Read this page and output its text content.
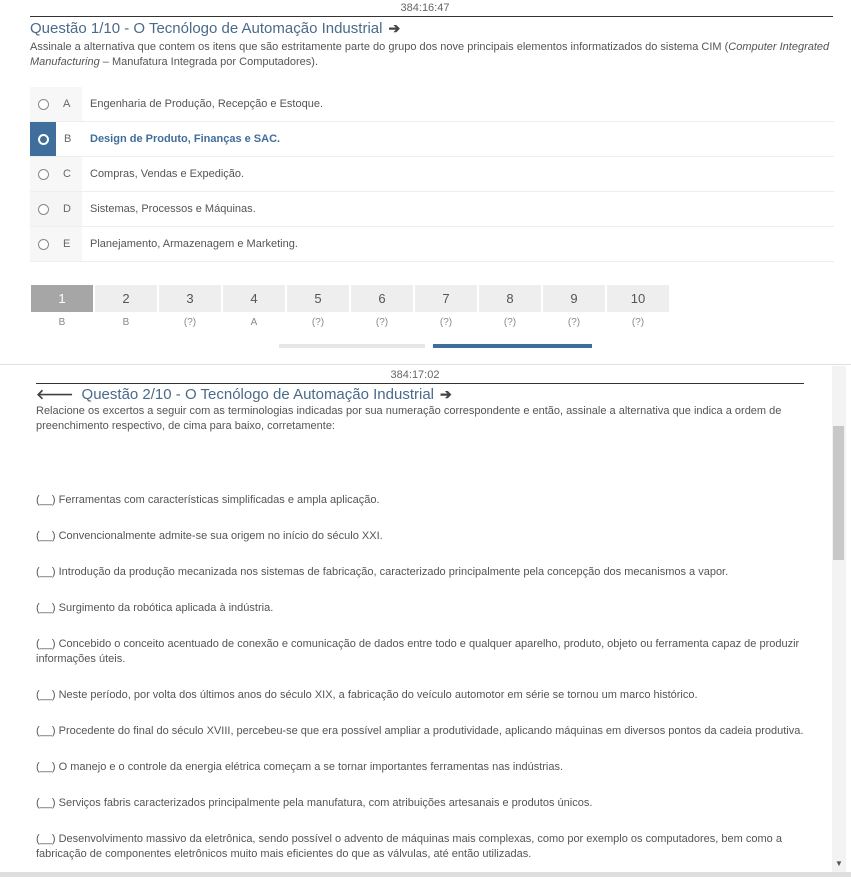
384:16:47
Questão 1/10 - O Tecnólogo de Automação Industrial ➔
Assinale a alternativa que contem os itens que são estritamente parte do grupo dos nove principais elementos informatizados do sistema CIM (Computer Integrated Manufacturing – Manufatura Integrada por Computadores).
A Engenharia de Produção, Recepção e Estoque.
B Design de Produto, Finanças e SAC.
C Compras, Vendas e Expedição.
D Sistemas, Processos e Máquinas.
E Planejamento, Armazenagem e Marketing.
1
B
2
B
3
(?)
4
A
5
(?)
6
(?)
7
(?)
8
(?)
9
(?)
10
(?)
384:17:02
🡐 Questão 2/10 - O Tecnólogo de Automação Industrial ➔
Relacione os excertos a seguir com as terminologias indicadas por sua numeração correspondente e então, assinale a alternativa que indica a ordem de preenchimento respectivo, de cima para baixo, corretamente:
(__) Ferramentas com características simplificadas e ampla aplicação.
(__) Convencionalmente admite-se sua origem no início do século XXI.
(__) Introdução da produção mecanizada nos sistemas de fabricação, caracterizado principalmente pela concepção dos mecanismos a vapor.
(__) Surgimento da robótica aplicada à indústria.
(__) Concebido o conceito acentuado de conexão e comunicação de dados entre todo e qualquer aparelho, produto, objeto ou ferramenta capaz de produzir informações úteis.
(__) Neste período, por volta dos últimos anos do século XIX, a fabricação do veículo automotor em série se tornou um marco histórico.
(__) Procedente do final do século XVIII, percebeu-se que era possível ampliar a produtividade, aplicando máquinas em diversos pontos da cadeia produtiva.
(__) O manejo e o controle da energia elétrica começam a se tornar importantes ferramentas nas indústrias.
(__) Serviços fabris caracterizados principalmente pela manufatura, com atribuições artesanais e produtos únicos.
(__) Desenvolvimento massivo da eletrônica, sendo possível o advento de máquinas mais complexas, como por exemplo os computadores, bem como a fabricação de componentes eletrônicos muito mais eficientes do que as válvulas, até então utilizadas.
▼
